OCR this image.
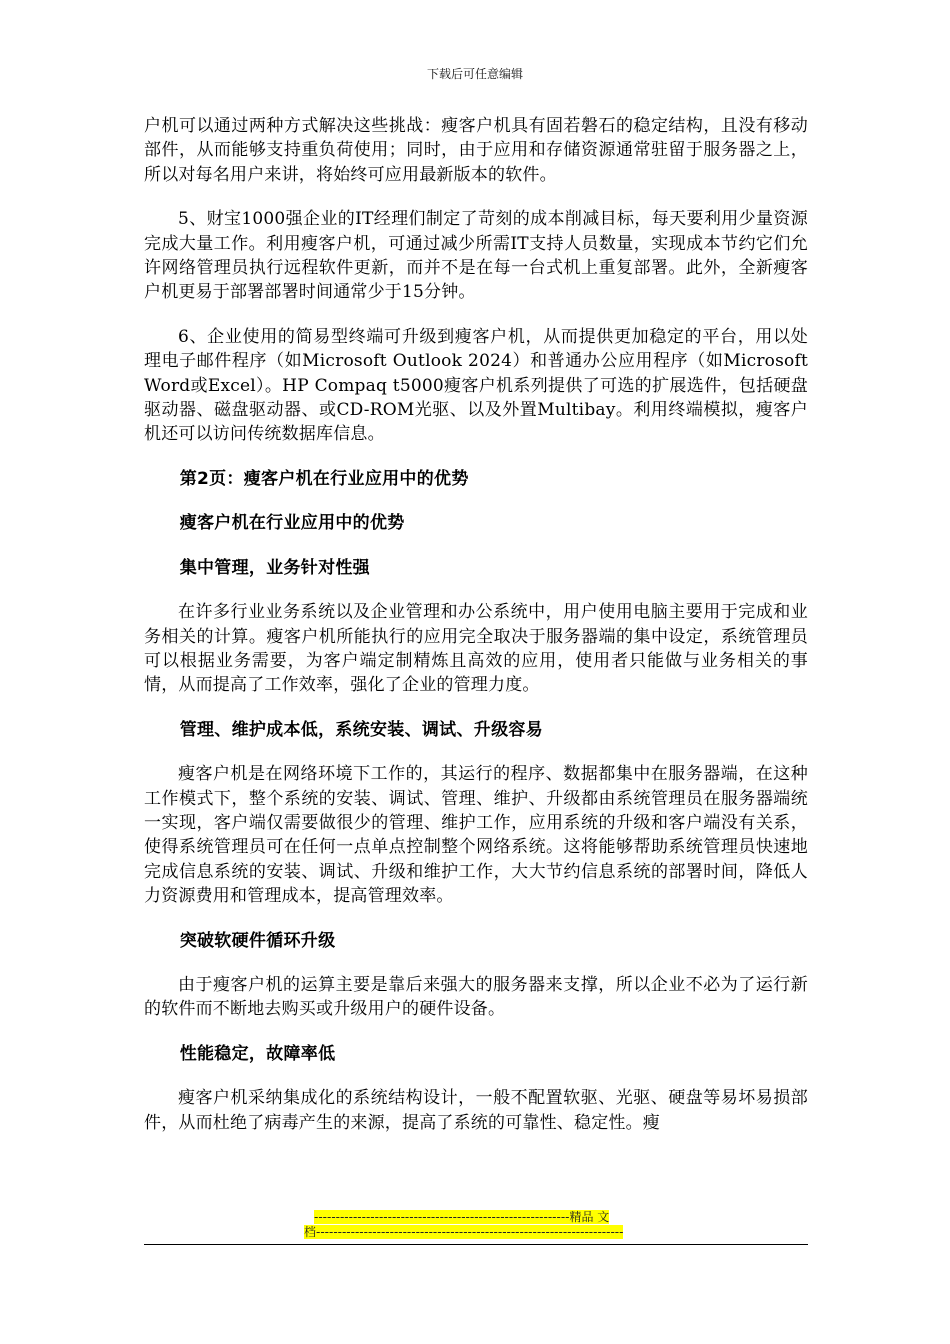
下载后可任意编辑

户机可以通过两种方式解决这些挑战：瘦客户机具有固若磐石的稳定结构，且没有移动部件，从而能够支持重负荷使用；同时，由于应用和存储资源通常驻留于服务器之上，所以对每名用户来讲，将始终可应用最新版本的软件。

5、财宝1000强企业的IT经理们制定了苛刻的成本削减目标，每天要利用少量资源完成大量工作。利用瘦客户机，可通过减少所需IT支持人员数量，实现成本节约它们允许网络管理员执行远程软件更新，而并不是在每一台式机上重复部署。此外，全新瘦客户机更易于部署部署时间通常少于15分钟。

6、企业使用的简易型终端可升级到瘦客户机，从而提供更加稳定的平台，用以处理电子邮件程序（如Microsoft Outlook 2024）和普通办公应用程序（如Microsoft Word或Excel）。HP Compaq t5000瘦客户机系列提供了可选的扩展选件，包括硬盘驱动器、磁盘驱动器、或CD-ROM光驱、以及外置Multibay。利用终端模拟，瘦客户机还可以访问传统数据库信息。

第2页：瘦客户机在行业应用中的优势

瘦客户机在行业应用中的优势

集中管理，业务针对性强

在许多行业业务系统以及企业管理和办公系统中，用户使用电脑主要用于完成和业务相关的计算。瘦客户机所能执行的应用完全取决于服务器端的集中设定，系统管理员可以根据业务需要，为客户端定制精炼且高效的应用，使用者只能做与业务相关的事情，从而提高了工作效率，强化了企业的管理力度。

管理、维护成本低，系统安装、调试、升级容易

瘦客户机是在网络环境下工作的，其运行的程序、数据都集中在服务器端，在这种工作模式下，整个系统的安装、调试、管理、维护、升级都由系统管理员在服务器端统一实现，客户端仅需要做很少的管理、维护工作，应用系统的升级和客户端没有关系，使得系统管理员可在任何一点单点控制整个网络系统。这将能够帮助系统管理员快速地完成信息系统的安装、调试、升级和维护工作，大大节约信息系统的部署时间，降低人力资源费用和管理成本，提高管理效率。

突破软硬件循环升级

由于瘦客户机的运算主要是靠后来强大的服务器来支撑，所以企业不必为了运行新的软件而不断地去购买或升级用户的硬件设备。

性能稳定，故障率低

瘦客户机采纳集成化的系统结构设计，一般不配置软驱、光驱、硬盘等易坏易损部件，从而杜绝了病毒产生的来源，提高了系统的可靠性、稳定性。瘦

-----------------------------------------------------------精品 文
档-----------------------------------------------------------------------
